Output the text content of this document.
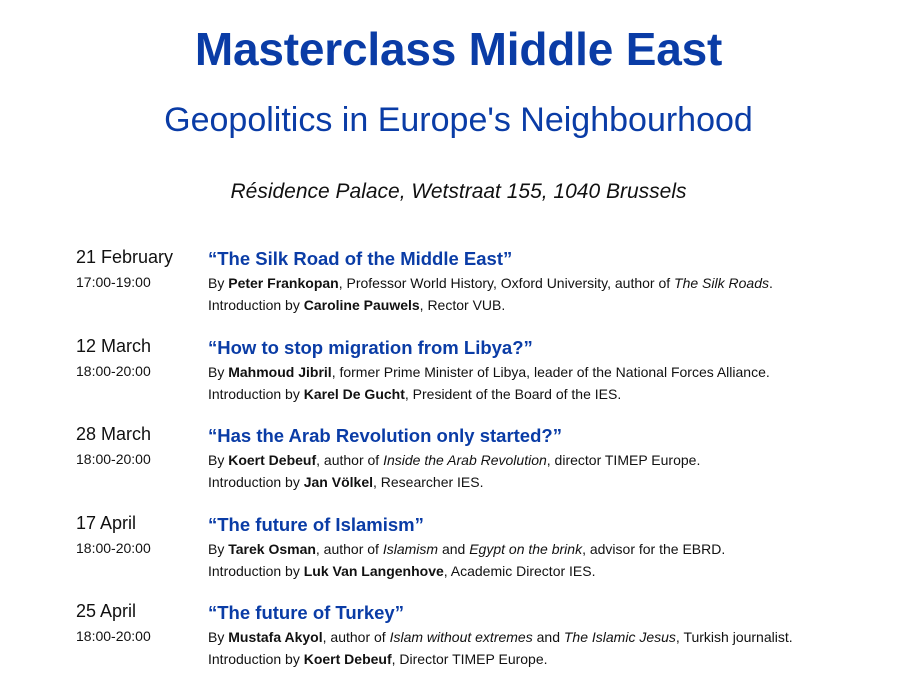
Masterclass Middle East
Geopolitics in Europe's Neighbourhood
Résidence Palace, Wetstraat 155, 1040 Brussels
21 February
17:00-19:00
“The Silk Road of the Middle East”
By Peter Frankopan, Professor World History, Oxford University, author of The Silk Roads.
Introduction by Caroline Pauwels, Rector VUB.
12 March
18:00-20:00
“How to stop migration from Libya?”
By Mahmoud Jibril, former Prime Minister of Libya, leader of the National Forces Alliance.
Introduction by Karel De Gucht, President of the Board of the IES.
28 March
18:00-20:00
“Has the Arab Revolution only started?”
By Koert Debeuf, author of Inside the Arab Revolution, director TIMEP Europe.
Introduction by Jan Völkel, Researcher IES.
17 April
18:00-20:00
“The future of Islamism”
By Tarek Osman, author of Islamism and Egypt on the brink, advisor for the EBRD.
Introduction by Luk Van Langenhove, Academic Director IES.
25 April
18:00-20:00
“The future of Turkey”
By Mustafa Akyol, author of Islam without extremes and The Islamic Jesus, Turkish journalist.
Introduction by Koert Debeuf, Director TIMEP Europe.
